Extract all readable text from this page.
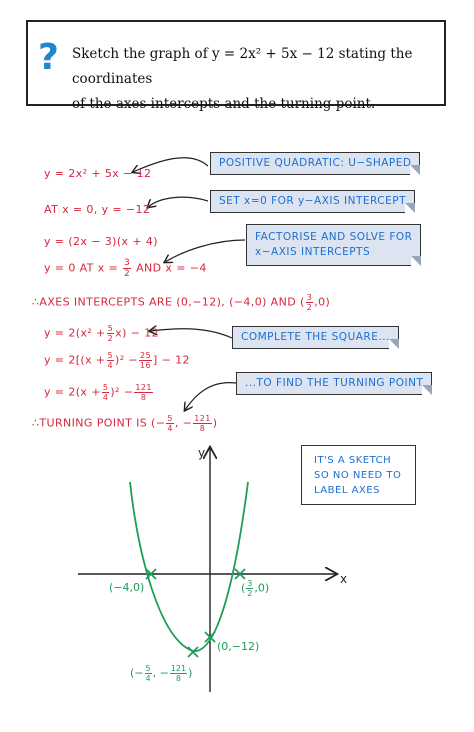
? Sketch the graph of y = 2x² + 5x − 12 stating the coordinates
of the axes intercepts and the turning point.
y = 2x² + 5x − 12
AT x = 0, y = −12
y = (2x − 3)(x + 4)
y = 0 AT $x = \frac{3}{2}$ AND x = −4
∴AXES INTERCEPTS ARE (0,−12), (−4,0) AND ( $\frac{3}{2} ,0$)
$y = 2(x^2 + \frac{5}{2} x) - 12$
$y = 2[(x + \frac{5}{4} )^2 - \frac{25}{16}$ ] − 12
$y = 2(x + \frac{5}{4} )^2 - \frac{121}{8}$
∴TURNING POINT IS (− $\frac{5}{4}$ , − $\frac{121}{8}$ )
POSITIVE QUADRATIC: U−SHAPED
SET x=0 FOR y−AXIS INTERCEPT
FACTORISE AND SOLVE FOR
x−AXIS INTERCEPTS
COMPLETE THE SQUARE...
...TO FIND THE TURNING POINT
IT'S A SKETCH
SO NO NEED TO
LABEL AXES
x
y
(−4,0)	( $\frac{3}{2} ,0$)
(0,−12)
(− $\frac{5}{4}$ , − $\frac{121}{8}$ )
